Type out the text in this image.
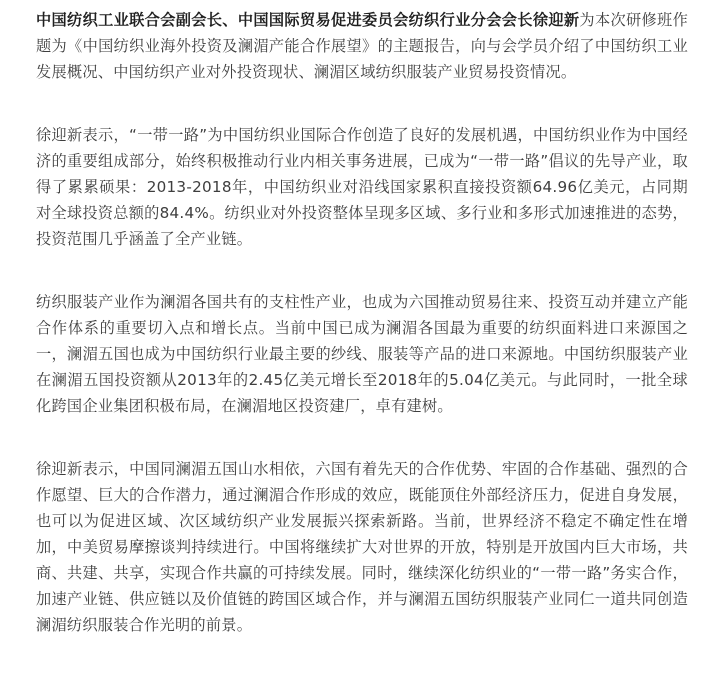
中国纺织工业联合会副会长、中国国际贸易促进委员会纺织行业分会会长徐迎新为本次研修班作题为《中国纺织业海外投资及澜湄产能合作展望》的主题报告，向与会学员介绍了中国纺织工业发展概况、中国纺织产业对外投资现状、澜湄区域纺织服装产业贸易投资情况。

徐迎新表示，“一带一路”为中国纺织业国际合作创造了良好的发展机遇，中国纺织业作为中国经济的重要组成部分，始终积极推动行业内相关事务进展，已成为“一带一路”倡议的先导产业，取得了累累硕果：2013-2018年，中国纺织业对沿线国家累积直接投资额64.96亿美元，占同期对全球投资总额的84.4%。纺织业对外投资整体呈现多区域、多行业和多形式加速推进的态势，投资范围几乎涵盖了全产业链。

纺织服装产业作为澜湄各国共有的支柱性产业，也成为六国推动贸易往来、投资互动并建立产能合作体系的重要切入点和增长点。当前中国已成为澜湄各国最为重要的纺织面料进口来源国之一，澜湄五国也成为中国纺织行业最主要的纱线、服装等产品的进口来源地。中国纺织服装产业在澜湄五国投资额从2013年的2.45亿美元增长至2018年的5.04亿美元。与此同时，一批全球化跨国企业集团积极布局，在澜湄地区投资建厂，卓有建树。

徐迎新表示，中国同澜湄五国山水相依，六国有着先天的合作优势、牢固的合作基础、强烈的合作愿望、巨大的合作潜力，通过澜湄合作形成的效应，既能顶住外部经济压力，促进自身发展，也可以为促进区域、次区域纺织产业发展振兴探索新路。当前，世界经济不稳定不确定性在增加，中美贸易摩擦谈判持续进行。中国将继续扩大对世界的开放，特别是开放国内巨大市场，共商、共建、共享，实现合作共赢的可持续发展。同时，继续深化纺织业的“一带一路”务实合作，加速产业链、供应链以及价值链的跨国区域合作，并与澜湄五国纺织服装产业同仁一道共同创造澜湄纺织服装合作光明的前景。
